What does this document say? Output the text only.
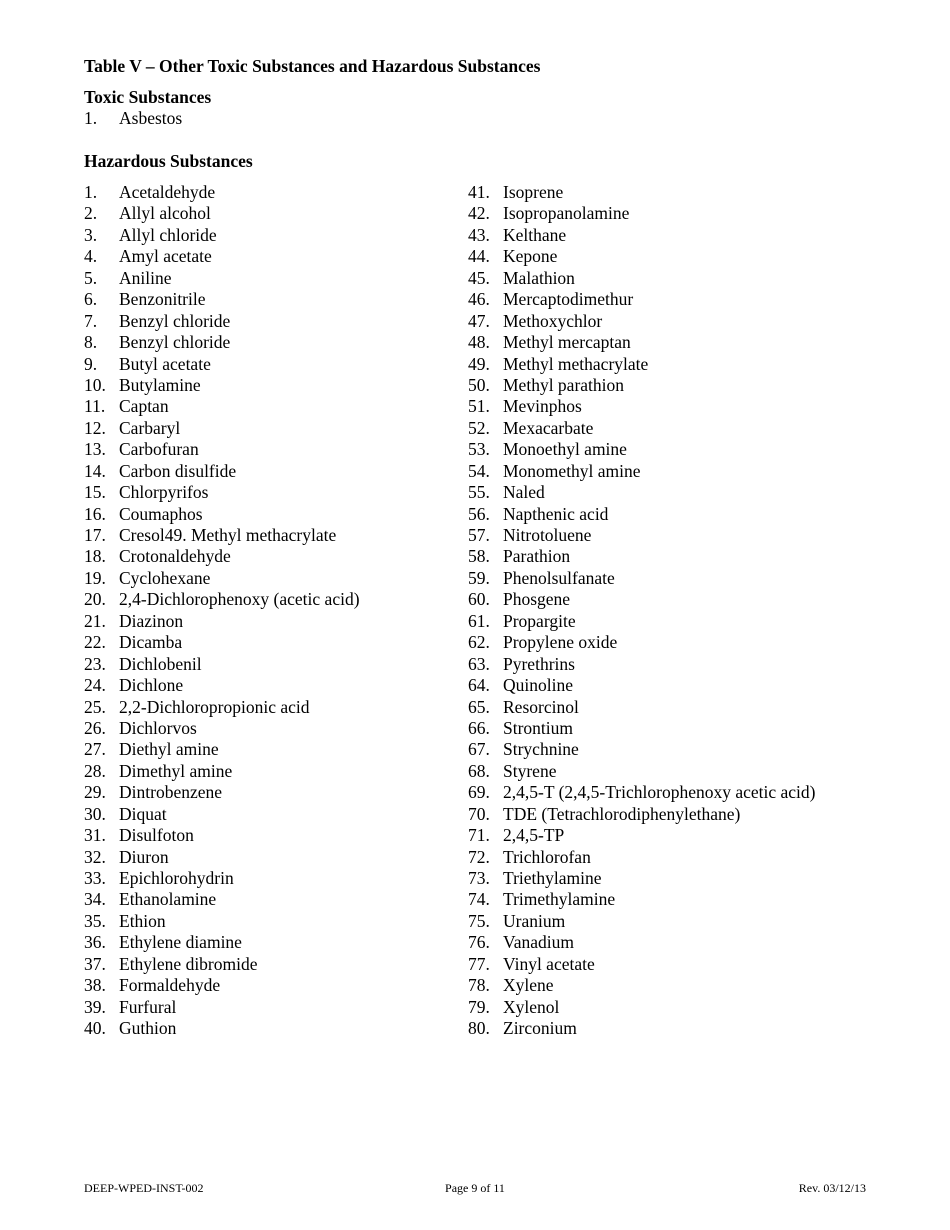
Table V – Other Toxic Substances and Hazardous Substances
Toxic Substances
1.	Asbestos
Hazardous Substances
1.	Acetaldehyde
2.	Allyl alcohol
3.	Allyl chloride
4.	Amyl acetate
5.	Aniline
6.	Benzonitrile
7.	Benzyl chloride
8.	Benzyl chloride
9.	Butyl acetate
10. Butylamine
11. Captan
12. Carbaryl
13. Carbofuran
14. Carbon disulfide
15. Chlorpyrifos
16. Coumaphos
17. Cresol49. Methyl methacrylate
18. Crotonaldehyde
19. Cyclohexane
20. 2,4-Dichlorophenoxy (acetic acid)
21. Diazinon
22. Dicamba
23. Dichlobenil
24. Dichlone
25. 2,2-Dichloropropionic acid
26. Dichlorvos
27. Diethyl amine
28. Dimethyl amine
29. Dintrobenzene
30. Diquat
31. Disulfoton
32. Diuron
33. Epichlorohydrin
34. Ethanolamine
35. Ethion
36. Ethylene diamine
37. Ethylene dibromide
38. Formaldehyde
39. Furfural
40. Guthion
41. Isoprene
42. Isopropanolamine
43. Kelthane
44. Kepone
45. Malathion
46. Mercaptodimethur
47. Methoxychlor
48. Methyl mercaptan
49. Methyl methacrylate
50. Methyl parathion
51. Mevinphos
52. Mexacarbate
53. Monoethyl amine
54. Monomethyl amine
55. Naled
56. Napthenic acid
57. Nitrotoluene
58. Parathion
59. Phenolsulfanate
60. Phosgene
61. Propargite
62. Propylene oxide
63. Pyrethrins
64. Quinoline
65. Resorcinol
66. Strontium
67. Strychnine
68. Styrene
69. 2,4,5-T (2,4,5-Trichlorophenoxy acetic acid)
70. TDE (Tetrachlorodiphenylethane)
71. 2,4,5-TP
72. Trichlorofan
73. Triethylamine
74. Trimethylamine
75. Uranium
76. Vanadium
77. Vinyl acetate
78. Xylene
79. Xylenol
80. Zirconium
DEEP-WPED-INST-002	Page 9 of 11	Rev. 03/12/13
